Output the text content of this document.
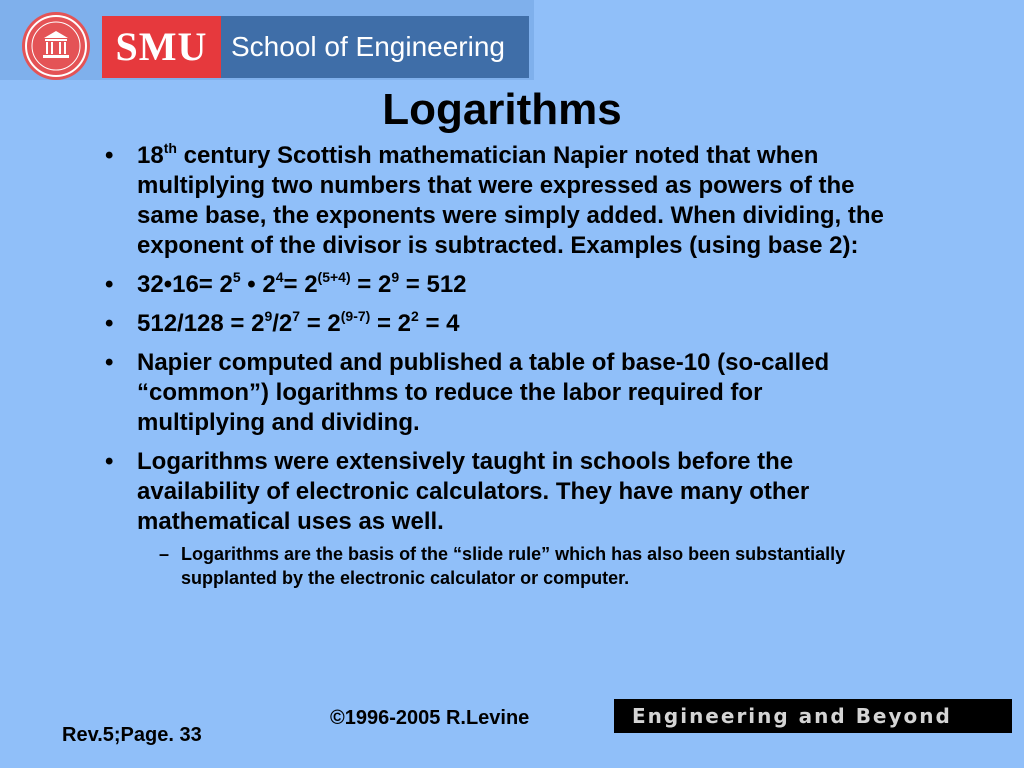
SMU School of Engineering
Logarithms
• 18th century Scottish mathematician Napier noted that when multiplying two numbers that were expressed as powers of the same base, the exponents were simply added. When dividing, the exponent of the divisor is subtracted. Examples (using base 2):
• 32•16= $2^5$ • $2^4= 2^{(5+4)} = 2^9 = 512$
• $512/128 = 2^9/2^7 = 2^{(9-7)} = 2^2 = 4$
• Napier computed and published a table of base-10 (so-called “common”) logarithms to reduce the labor required for multiplying and dividing.
• Logarithms were extensively taught in schools before the availability of electronic calculators. They have many other mathematical uses as well.
– Logarithms are the basis of the “slide rule” which has also been substantially supplanted by the electronic calculator or computer.
©1996-2005 R.Levine
Rev.5;Page. 33
Engineering and Beyond
